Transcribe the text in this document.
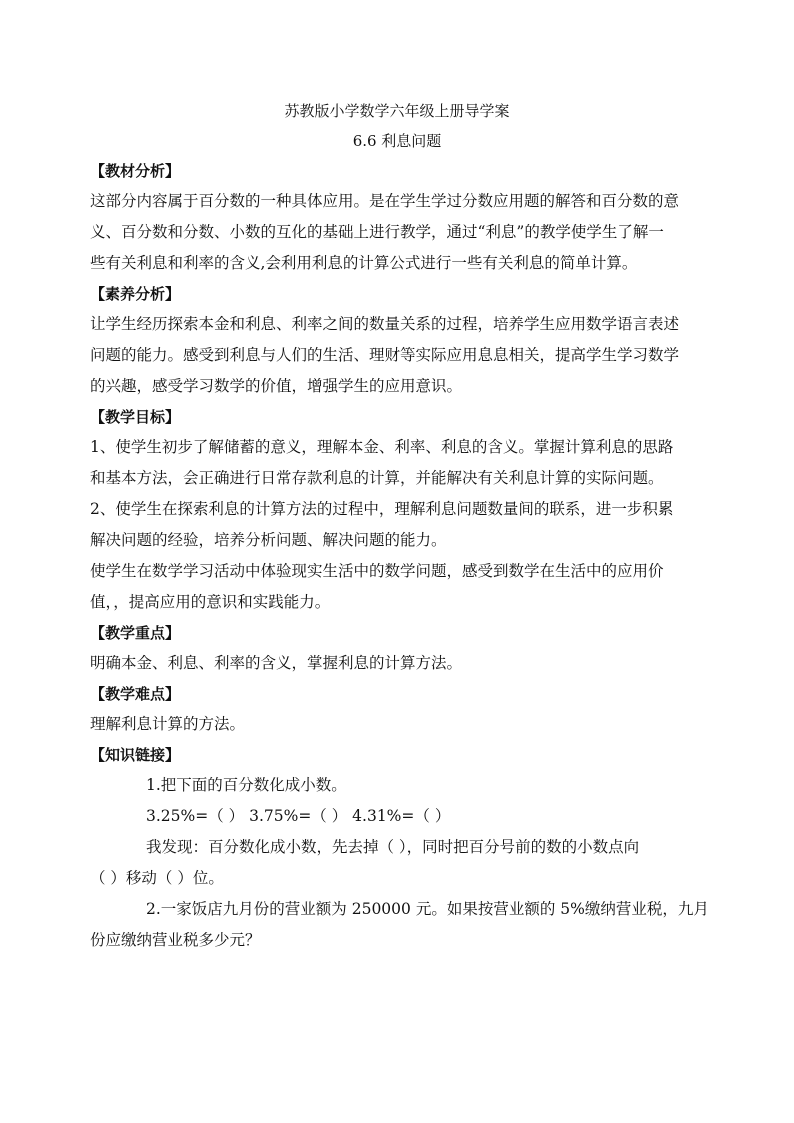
苏教版小学数学六年级上册导学案

6.6 利息问题

【教材分析】

这部分内容属于百分数的一种具体应用。是在学生学过分数应用题的解答和百分数的意
义、百分数和分数、小数的互化的基础上进行教学，通过“利息”的教学使学生了解一
些有关利息和利率的含义,会利用利息的计算公式进行一些有关利息的简单计算。

【素养分析】

让学生经历探索本金和利息、利率之间的数量关系的过程，培养学生应用数学语言表述
问题的能力。感受到利息与人们的生活、理财等实际应用息息相关，提高学生学习数学
的兴趣，感受学习数学的价值，增强学生的应用意识。

【教学目标】

1、使学生初步了解储蓄的意义，理解本金、利率、利息的含义。掌握计算利息的思路
和基本方法，会正确进行日常存款利息的计算，并能解决有关利息计算的实际问题。
2、使学生在探索利息的计算方法的过程中，理解利息问题数量间的联系，进一步积累
解决问题的经验，培养分析问题、解决问题的能力。
使学生在数学学习活动中体验现实生活中的数学问题，感受到数学在生活中的应用价
值，，提高应用的意识和实践能力。

【教学重点】

明确本金、利息、利率的含义，掌握利息的计算方法。

【教学难点】

理解利息计算的方法。

【知识链接】

1.把下面的百分数化成小数。
3.25%=（ ） 3.75%=（ ） 4.31%=（ ）
我发现：百分数化成小数，先去掉（ ），同时把百分号前的数的小数点向
（ ）移动（ ）位。
2.一家饭店九月份的营业额为 250000 元。如果按营业额的 5%缴纳营业税，九月
份应缴纳营业税多少元？
